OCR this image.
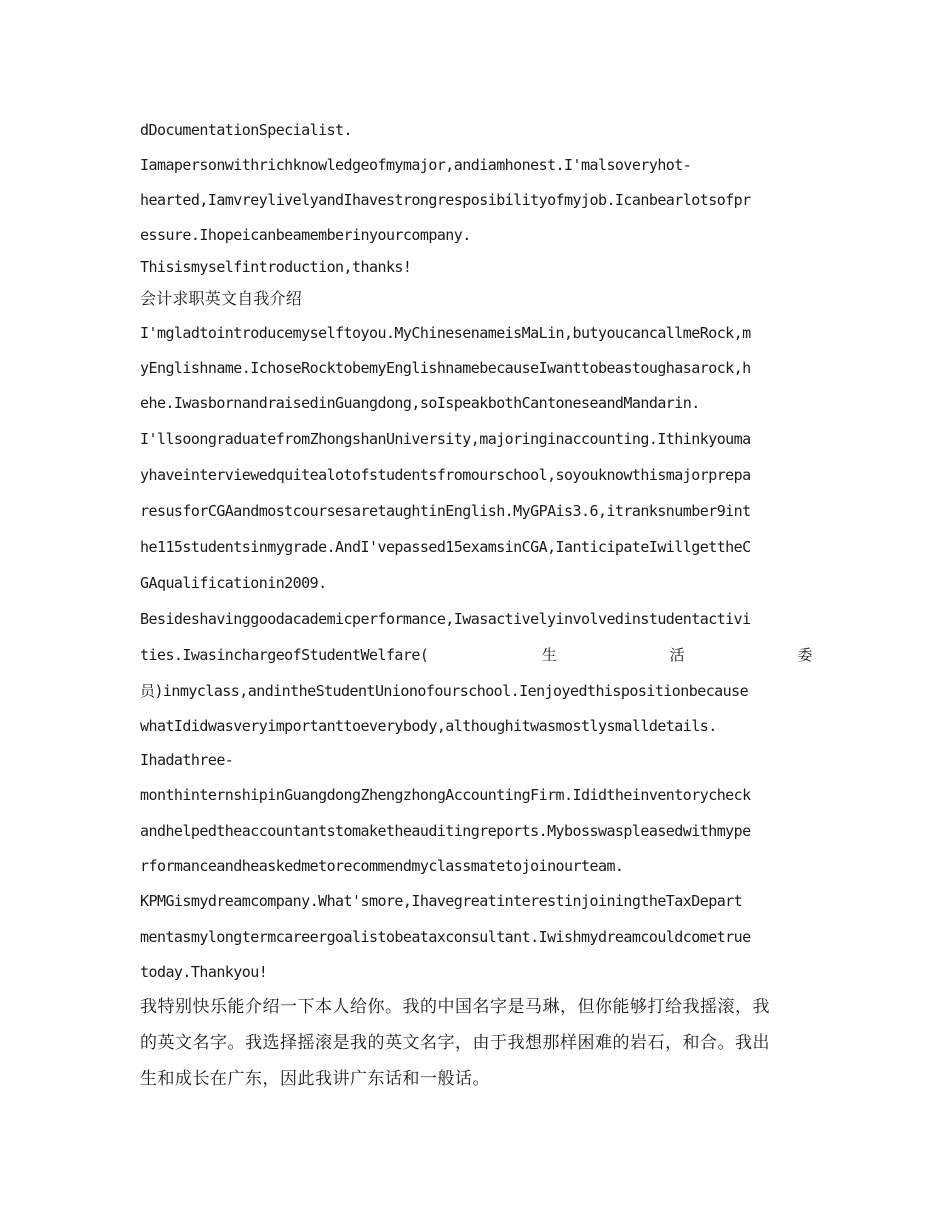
dDocumentationSpecialist.
Iamapersonwithrichknowledgeofmymajor,andiamhonest.I'malsoveryhot-
hearted,IamvreylivelyandIhavestrongresposibilityofmyjob.Icanbearlotsofpr
essure.Ihopeicanbeamemberinyourcompany.
Thisismyselfintroduction,thanks!
会计求职英文自我介绍
I'mgladtointroducemyselftoyou.MyChinesenameisMaLin,butyoucancallmeRock,m
yEnglishname.IchoseRocktobemyEnglishnamebecauseIwanttobeastoughasarock,h
ehe.IwasbornandraisedinGuangdong,soIspeakbothCantoneseandMandarin.
I'llsoongraduatefromZhongshanUniversity,majoringinaccounting.Ithinkyouma
yhaveinterviewedquitealotofstudentsfromourschool,soyouknowthismajorprepa
resusforCGAandmostcoursesaretaughtinEnglish.MyGPAis3.6,itranksnumber9int
he115studentsinmygrade.AndI'vepassed15examsinCGA,IanticipateIwillgettheC
GAqualificationin2009.
Besideshavinggoodacademicperformance,Iwasactivelyinvolvedinstudentactivi
ties.IwasinchargeofStudentWelfare(	生	活	委
员)inmyclass,andintheStudentUnionofourschool.Ienjoyedthispositionbecause
whatIdidwasveryimportanttoeverybody,althoughitwasmostlysmalldetails.
Ihadathree-
monthinternshipinGuangdongZhengzhongAccountingFirm.Ididtheinventorycheck
andhelpedtheaccountantstomaketheauditingreports.Mybosswaspleasedwithmype
rformanceandheaskedmetorecommendmyclassmatetojoinourteam.
KPMGismydreamcompany.What'smore,IhavegreatinterestinjoiningtheTaxDepart
mentasmylongtermcareergoalistobeataxconsultant.Iwishmydreamcouldcometrue
today.Thankyou!
我特别快乐能介绍一下本人给你。我的中国名字是马琳，但你能够打给我摇滚，我
的英文名字。我选择摇滚是我的英文名字，由于我想那样困难的岩石，和合。我出
生和成长在广东，因此我讲广东话和一般话。
